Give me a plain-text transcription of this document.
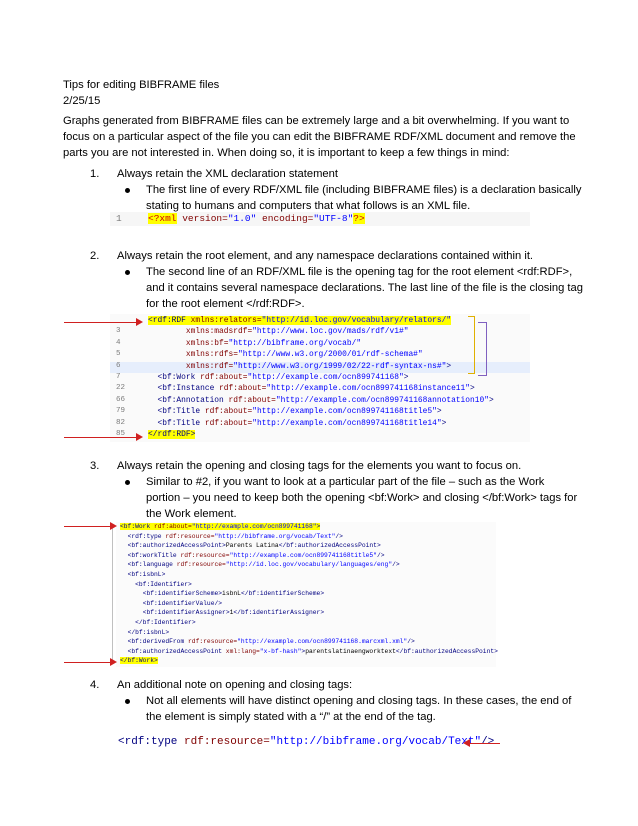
Tips for editing BIBFRAME files
2/25/15
Graphs generated from BIBFRAME files can be extremely large and a bit overwhelming. If you want to
focus on a particular aspect of the file you can edit the BIBFRAME RDF/XML document and remove the
parts you are not interested in. When doing so, it is important to keep a few things in mind:
1. Always retain the XML declaration statement
The first line of every RDF/XML file (including BIBFRAME files) is a declaration basically
stating to humans and computers that what follows is an XML file.
1	<?xml version="1.0" encoding="UTF-8"?>
2. Always retain the root element, and any namespace declarations contained within it.
The second line of an RDF/XML file is the opening tag for the root element <rdf:RDF>,
and it contains several namespace declarations. The last line of the file is the closing tag
for the root element </rdf:RDF>.
<rdf:RDF xmlns:relators="http://id.loc.gov/vocabulary/relators/"
3	xmlns:madsrdf="http://www.loc.gov/mads/rdf/v1#"
4	xmlns:bf="http://bibframe.org/vocab/"
5	xmlns:rdfs="http://www.w3.org/2000/01/rdf-schema#"
6	xmlns:rdf="http://www.w3.org/1999/02/22-rdf-syntax-ns#">
7	<bf:Work rdf:about="http://example.com/ocn899741168">
22	<bf:Instance rdf:about="http://example.com/ocn899741168instance11">
66	<bf:Annotation rdf:about="http://example.com/ocn899741168annotation10">
79	<bf:Title rdf:about="http://example.com/ocn899741168title5">
82	<bf:Title rdf:about="http://example.com/ocn899741168title14">
85	</rdf:RDF>
3. Always retain the opening and closing tags for the elements you want to focus on.
Similar to #2, if you want to look at a particular part of the file – such as the Work
portion – you need to keep both the opening <bf:Work> and closing </bf:Work> tags for
the Work element.
<bf:Work rdf:about="http://example.com/ocn899741168">
<rdf:type rdf:resource="http://bibframe.org/vocab/Text"/>
<bf:authorizedAccessPoint>Parents Latina</bf:authorizedAccessPoint>
<bf:workTitle rdf:resource="http://example.com/ocn899741168title5"/>
<bf:language rdf:resource="http://id.loc.gov/vocabulary/languages/eng"/>
<bf:isbnL>
<bf:Identifier>
<bf:identifierScheme>isbnL</bf:identifierScheme>
<bf:identifierValue/>
<bf:identifierAssigner>1</bf:identifierAssigner>
</bf:Identifier>
</bf:isbnL>
<bf:derivedFrom rdf:resource="http://example.com/ocn899741168.marcxml.xml"/>
<bf:authorizedAccessPoint xml:lang="x-bf-hash">parentslatinaengworktext</bf:authorizedAccessPoint>
</bf:Work>
4. An additional note on opening and closing tags:
Not all elements will have distinct opening and closing tags. In these cases, the end of
the element is simply stated with a “/” at the end of the tag.
<rdf:type rdf:resource="http://bibframe.org/vocab/Text"/>
